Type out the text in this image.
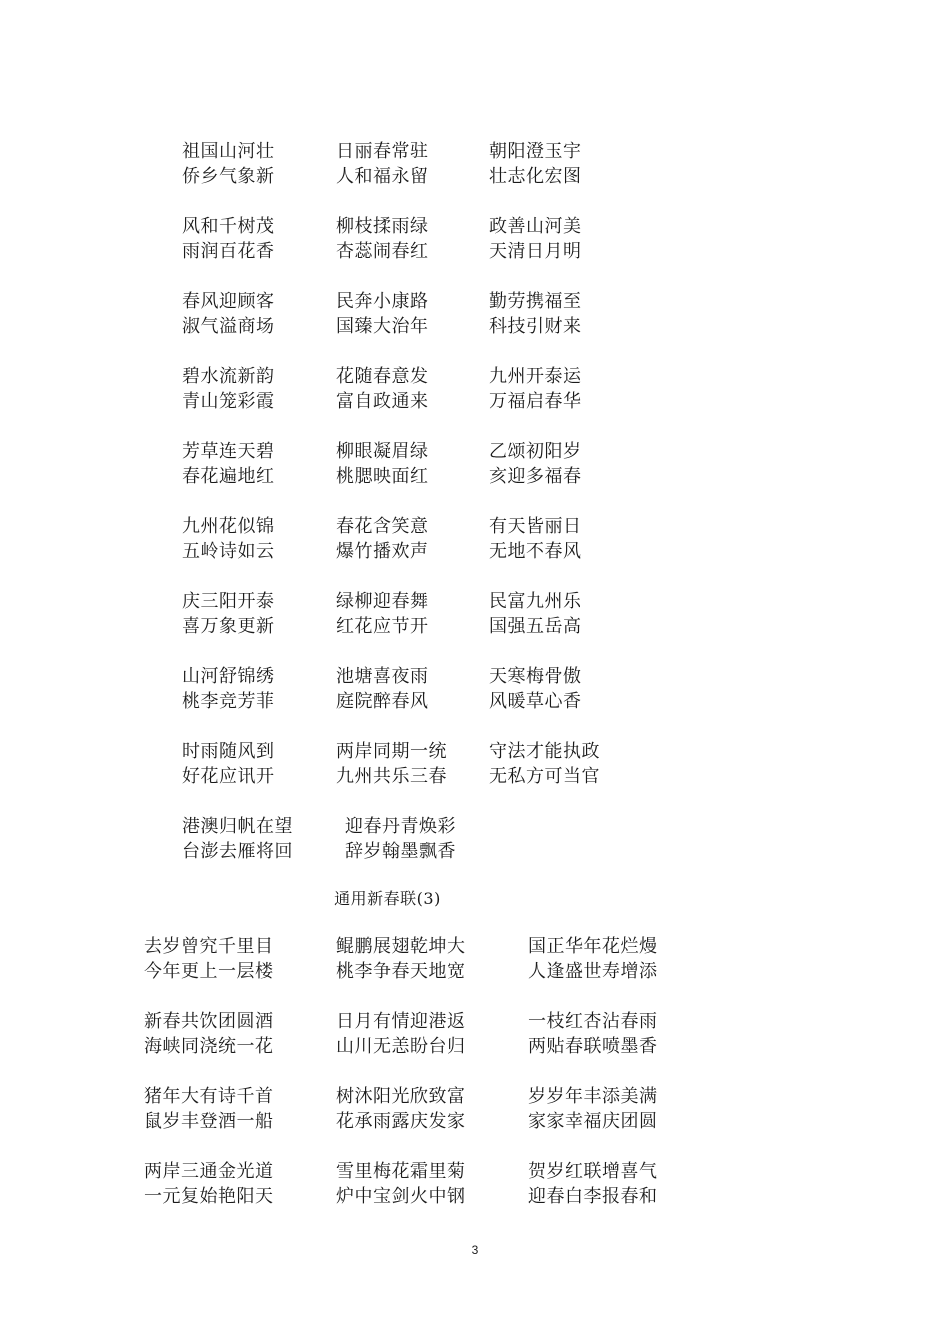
祖国山河壮
侨乡气象新
日丽春常驻
人和福永留
朝阳澄玉宇
壮志化宏图
风和千树茂
雨润百花香
柳枝揉雨绿
杏蕊闹春红
政善山河美
天清日月明
春风迎顾客
淑气溢商场
民奔小康路
国臻大治年
勤劳携福至
科技引财来
碧水流新韵
青山笼彩霞
花随春意发
富自政通来
九州开泰运
万福启春华
芳草连天碧
春花遍地红
柳眼凝眉绿
桃腮映面红
乙颂初阳岁
亥迎多福春
九州花似锦
五岭诗如云
春花含笑意
爆竹播欢声
有天皆丽日
无地不春风
庆三阳开泰
喜万象更新
绿柳迎春舞
红花应节开
民富九州乐
国强五岳高
山河舒锦绣
桃李竞芳菲
池塘喜夜雨
庭院醉春风
天寒梅骨傲
风暖草心香
时雨随风到
好花应讯开
两岸同期一统
九州共乐三春
守法才能执政
无私方可当官
港澳归帆在望
台澎去雁将回
迎春丹青焕彩
辞岁翰墨飘香
通用新春联(3)
去岁曾究千里目
今年更上一层楼
鲲鹏展翅乾坤大
桃李争春天地宽
国正华年花烂熳
人逢盛世寿增添
新春共饮团圆酒
海峡同浇统一花
日月有情迎港返
山川无恙盼台归
一枝红杏沾春雨
两贴春联喷墨香
猪年大有诗千首
鼠岁丰登酒一船
树沐阳光欣致富
花承雨露庆发家
岁岁年丰添美满
家家幸福庆团圆
两岸三通金光道
一元复始艳阳天
雪里梅花霜里菊
炉中宝剑火中钢
贺岁红联增喜气
迎春白李报春和
3
